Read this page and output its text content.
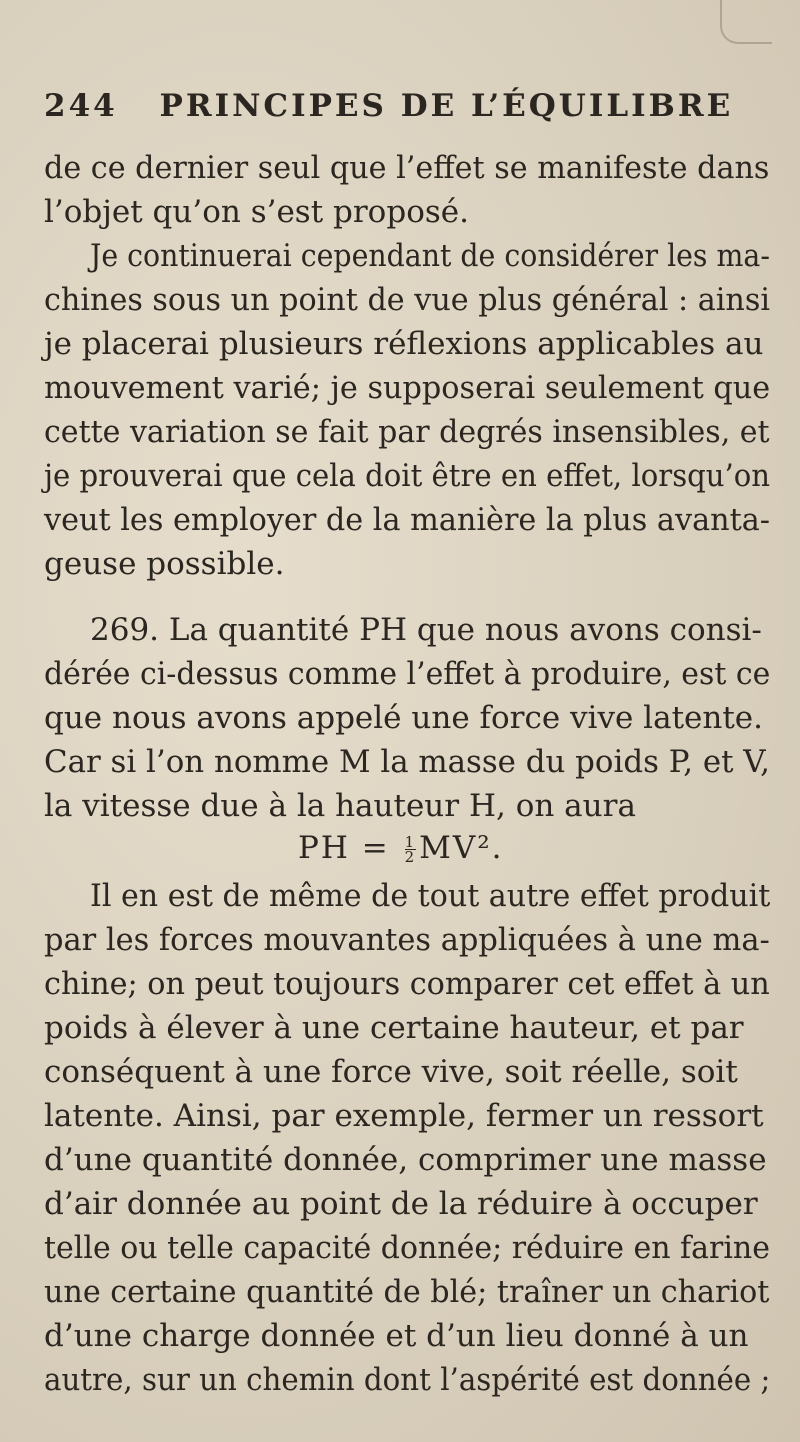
244 PRINCIPES DE L’ÉQUILIBRE
de ce dernier seul que l’effet se manifeste dans
l’objet qu’on s’est proposé.
Je continuerai cependant de considérer les ma-
chines sous un point de vue plus général : ainsi
je placerai plusieurs réflexions applicables au
mouvement varié; je supposerai seulement que
cette variation se fait par degrés insensibles, et
je prouverai que cela doit être en effet, lorsqu’on
veut les employer de la manière la plus avanta-
geuse possible.
269. La quantité PH que nous avons consi-
dérée ci-dessus comme l’effet à produire, est ce
que nous avons appelé une force vive latente.
Car si l’on nomme M la masse du poids P, et V,
la vitesse due à la hauteur H, on aura
PH = $\frac{1}{2} MV^2$.
Il en est de même de tout autre effet produit
par les forces mouvantes appliquées à une ma-
chine; on peut toujours comparer cet effet à un
poids à élever à une certaine hauteur, et par
conséquent à une force vive, soit réelle, soit
latente. Ainsi, par exemple, fermer un ressort
d’une quantité donnée, comprimer une masse
d’air donnée au point de la réduire à occuper
telle ou telle capacité donnée; réduire en farine
une certaine quantité de blé; traîner un chariot
d’une charge donnée et d’un lieu donné à un
autre, sur un chemin dont l’aspérité est donnée ;
